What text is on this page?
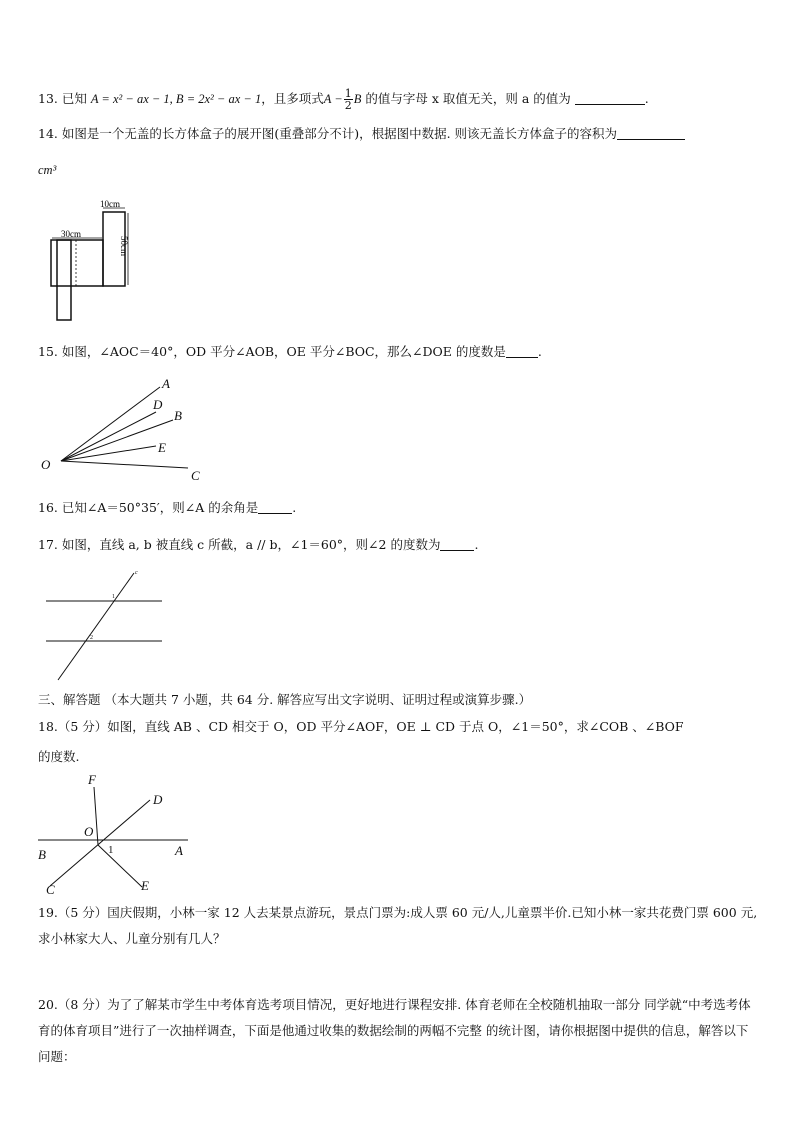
13. 已知 A = x² − ax − 1, B = 2x² − ax − 1，且多项式$A - \frac{1}{2}$ B 的值与字母 x 取值无关，则 a 的值为	.
14. 如图是一个无盖的长方体盒子的展开图(重叠部分不计)，根据图中数据. 则该无盖长方体盒子的容积为
cm³
10cm
30cm
50cm
15. 如图，∠AOC＝40°，OD 平分∠AOB，OE 平分∠BOC，那么∠DOE 的度数是	.
A
D
B
E
C
O
16. 已知∠A＝50°35′，则∠A 的余角是	.
17. 如图，直线 a, b 被直线 c 所截，a // b，∠1＝60°，则∠2 的度数为	.
1
2
c
三、解答题 （本大题共 7 小题，共 64 分. 解答应写出文字说明、证明过程或演算步骤.）
18.（5 分）如图，直线 AB 、CD 相交于 O，OD 平分∠AOF，OE ⊥ CD 于点 O，∠1＝50°，求∠COB 、∠BOF
的度数.
F
D
O
B	A
C	E
1
19.（5 分）国庆假期，小林一家 12 人去某景点游玩，景点门票为:成人票 60 元/人,儿童票半价.已知小林一家共花费门票 600 元,求小林家大人、儿童分别有几人？
20.（8 分）为了了解某市学生中考体育选考项目情况，更好地进行课程安排. 体育老师在全校随机抽取一部分 同学就“中考选考体育的体育项目”进行了一次抽样调查，下面是他通过收集的数据绘制的两幅不完整 的统计图，请你根据图中提供的信息，解答以下问题：
